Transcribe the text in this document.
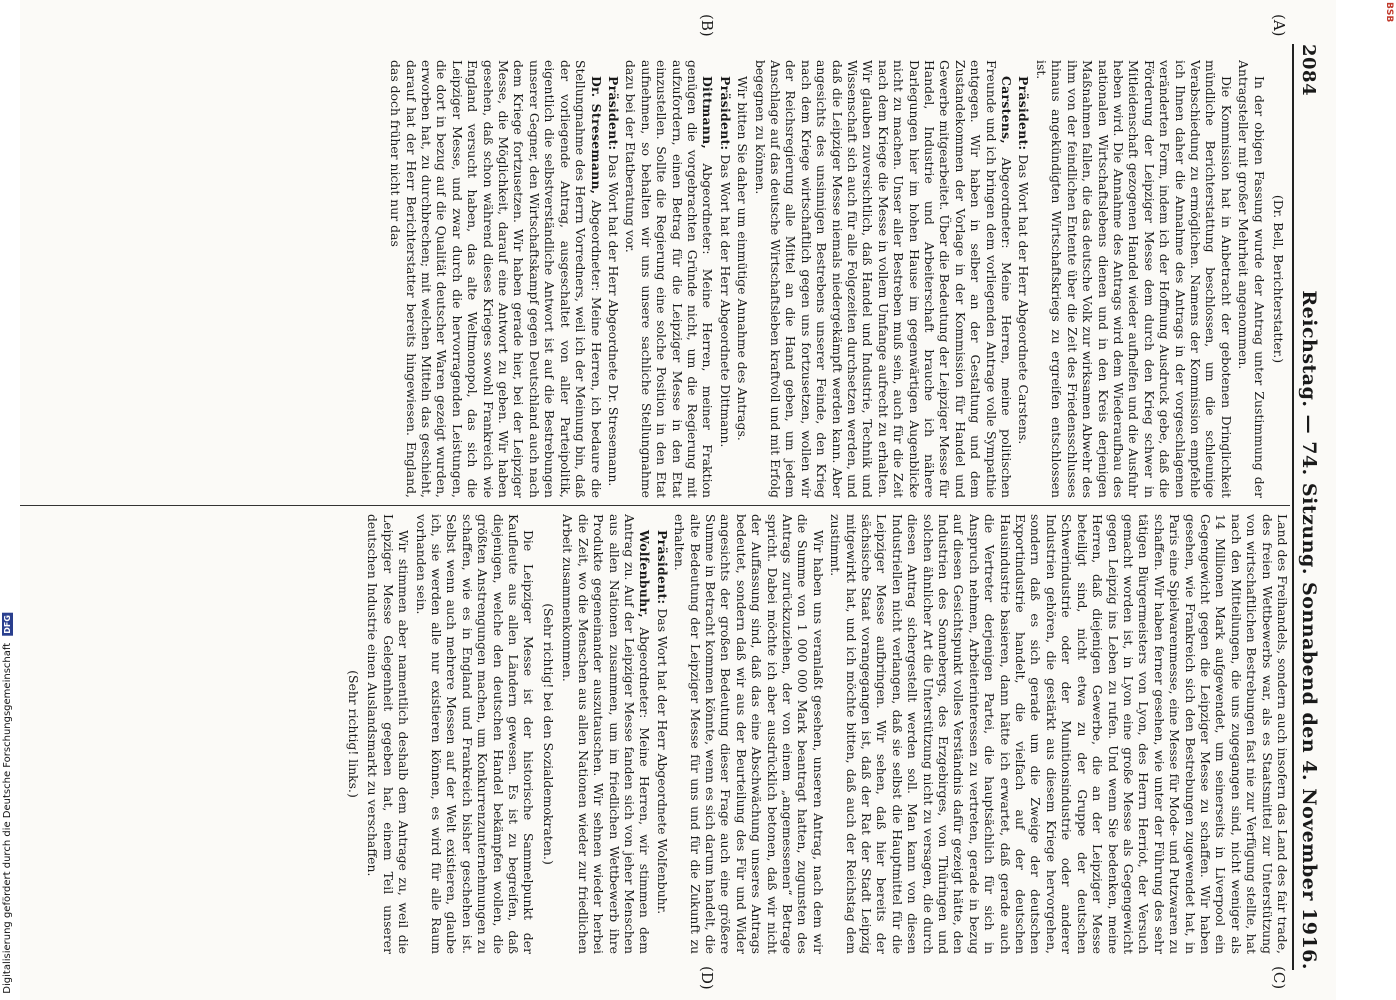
2084
Reichstag. — 74. Sitzung. Sonnabend den 4. November 1916.
(A)
(B)
(C)
(D)

(Dr. Bell, Berichterstatter.)

In der obigen Fassung wurde der Antrag unter Zustimmung der Antragsteller mit großer Mehrheit angenommen.

Die Kommission hat in Anbetracht der gebotenen Dringlichkeit mündliche Berichterstattung beschlossen, um die schleunige Verabschiedung zu ermöglichen. Namens der Kommission empfehle ich Ihnen daher die Annahme des Antrags in der vorgeschlagenen veränderten Form, indem ich der Hoffnung Ausdruck gebe, daß die Förderung der Leipziger Messe dem durch den Krieg schwer in Mitleidenschaft gezogenen Handel wieder aufhelfen und die Ausfuhr heben wird. Die Annahme des Antrags wird dem Wiederaufbau des nationalen Wirtschaftslebens dienen und in den Kreis derjenigen Maßnahmen fallen, die das deutsche Volk zur wirksamen Abwehr des ihm von der feindlichen Entente über die Zeit des Friedensschlusses hinaus angekündigten Wirtschaftskriegs zu ergreifen entschlossen ist.

Präsident: Das Wort hat der Herr Abgeordnete Carstens.

Carstens, Abgeordneter: Meine Herren, meine politischen Freunde und ich bringen dem vorliegenden Antrage volle Sympathie entgegen. Wir haben in selber an der Gestaltung und dem Zustandekommen der Vorlage in der Kommission für Handel und Gewerbe mitgearbeitet. Über die Bedeutung der Leipziger Messe für Handel, Industrie und Arbeiterschaft brauche ich nähere Darlegungen hier im hohen Hause im gegenwärtigen Augenblicke nicht zu machen. Unser aller Bestreben muß sein, auch für die Zeit nach dem Kriege die Messe in vollem Umfange aufrecht zu erhalten. Wir glauben zuversichtlich, daß Handel und Industrie, Technik und Wissenschaft sich auch für alle Folgezeiten durchsetzen werden, und daß die Leipziger Messe niemals niedergekämpft werden kann. Aber angesichts des unsinnigen Bestrebens unserer Feinde, den Krieg nach dem Kriege wirtschaftlich gegen uns fortzusetzen, wollen wir der Reichsregierung alle Mittel an die Hand geben, um jedem Anschlage auf das deutsche Wirtschaftsleben kraftvoll und mit Erfolg begegnen zu können.

Wir bitten Sie daher um einmütige Annahme des Antrags.

Präsident: Das Wort hat der Herr Abgeordnete Dittmann.

Dittmann, Abgeordneter: Meine Herren, meiner Fraktion genügen die vorgebrachten Gründe nicht, um die Regierung mit aufzufordern, einen Betrag für die Leipziger Messe in den Etat einzustellen. Sollte die Regierung eine solche Position in den Etat aufnehmen, so behalten wir uns unsere sachliche Stellungnahme dazu bei der Etatberatung vor.

Präsident: Das Wort hat der Herr Abgeordnete Dr. Stresemann.

Dr. Stresemann, Abgeordneter: Meine Herren, ich bedaure die Stellungnahme des Herrn Vorredners, weil ich der Meinung bin, daß der vorliegende Antrag, ausgeschaltet von aller Parteipolitik, eigentlich die selbstverständliche Antwort ist auf die Bestrebungen unserer Gegner, den Wirtschaftskampf gegen Deutschland auch nach dem Kriege fortzusetzen. Wir haben gerade hier, bei der Leipziger Messe, die Möglichkeit, darauf eine Antwort zu geben. Wir haben gesehen, daß schon während dieses Krieges sowohl Frankreich wie England versucht haben, das alte Weltmonopol, das sich die Leipziger Messe, und zwar durch die hervorragenden Leistungen, die dort in bezug auf die Qualität deutscher Waren gezeigt wurden, erworben hat, zu durchbrechen; mit welchen Mitteln das geschieht, darauf hat der Herr Berichterstatter bereits hingewiesen. England, das doch früher nicht nur das

Land des Freihandels, sondern auch insofern das Land des fair trade, des freien Wettbewerbs war, als es Staatsmittel zur Unterstützung von wirtschaftlichen Bestrebungen fast nie zur Verfügung stellte, hat nach den Mitteilungen, die uns zugegangen sind, nicht weniger als 14 Millionen Mark aufgewendet, um seinerseits in Liverpool ein Gegengewicht gegen die Leipziger Messe zu schaffen. Wir haben gesehen, wie Frankreich sich den Bestrebungen zugewendet hat, in Paris eine Spielwarenmesse, eine Messe für Mode- und Putzwaren zu schaffen. Wir haben ferner gesehen, wie unter der Führung des sehr tätigen Bürgermeisters von Lyon, des Herrn Herriot, der Versuch gemacht worden ist, in Lyon eine große Messe als Gegengewicht gegen Leipzig ins Leben zu rufen. Und wenn Sie bedenken, meine Herren, daß diejenigen Gewerbe, die an der Leipziger Messe beteiligt sind, nicht etwa zu der Gruppe der deutschen Schwerindustrie oder der Munitionsindustrie oder anderer Industrien gehören, die gestärkt aus diesem Kriege hervorgehen, sondern daß es sich gerade um die Zweige der deutschen Exportindustrie handelt, die vielfach auf der deutschen Hausindustrie basieren, dann hätte ich erwartet, daß gerade auch die Vertreter derjenigen Partei, die hauptsächlich für sich in Anspruch nehmen, Arbeiterinteressen zu vertreten, gerade in bezug auf diesen Gesichtspunkt volles Verständnis dafür gezeigt hätte, den Industrien des Sonnebergs, des Erzgebirges, von Thüringen und solchen ähnlicher Art die Unterstützung nicht zu versagen, die durch diesen Antrag sichergestellt werden soll. Man kann von diesen Industriellen nicht verlangen, daß sie selbst die Hauptmittel für die Leipziger Messe aufbringen. Wir sehen, daß hier bereits der sächsische Staat vorangegangen ist, daß der Rat der Stadt Leipzig mitgewirkt hat, und ich möchte bitten, daß auch der Reichstag dem zustimmt.

Wir haben uns veranlaßt gesehen, unseren Antrag, nach dem wir die Summe von 1 000 000 Mark beantragt hatten, zugunsten des Antrags zurückzuziehen, der von einem „angemessenen“ Betrage spricht. Dabei möchte ich aber ausdrücklich betonen, daß wir nicht der Auffassung sind, daß das eine Abschwächung unseres Antrags bedeutet, sondern daß wir aus der Beurteilung des Für und Wider angesichts der großen Bedeutung dieser Frage auch eine größere Summe in Betracht kommen könnte, wenn es sich darum handelt, die alte Bedeutung der Leipziger Messe für uns und für die Zukunft zu erhalten.

Präsident: Das Wort hat der Herr Abgeordnete Wolfenbuhr.

Wolfenbuhr, Abgeordneter: Meine Herren, wir stimmen dem Antrag zu. Auf der Leipziger Messe fanden sich von jeher Menschen aus allen Nationen zusammen, um im friedlichen Wettbewerb ihre Produkte gegeneinander auszutauschen. Wir sehnen wieder herbei die Zeit, wo die Menschen aus allen Nationen wieder zur friedlichen Arbeit zusammenkommen.

(Sehr richtig! bei den Sozialdemokraten.)

Die Leipziger Messe ist der historische Sammelpunkt der Kaufleute aus allen Ländern gewesen. Es ist zu begreifen, daß diejenigen, welche den deutschen Handel bekämpfen wollen, die größten Anstrengungen machen, um Konkurrenzunternehmungen zu schaffen, wie es in England und Frankreich bisher geschehen ist. Selbst wenn auch mehrere Messen auf der Welt existieren, glaube ich, sie werden alle nur existieren können, es wird für alle Raum vorhanden sein.

Wir stimmen aber namentlich deshalb dem Antrage zu, weil die Leipziger Messe Gelegenheit gegeben hat, einem Teil unserer deutschen Industrie einen Auslandsmarkt zu verschaffen.

(Sehr richtig! links.)

Digitalisierung gefördert durch die Deutsche Forschungsgemeinschaft DFG
BSB
